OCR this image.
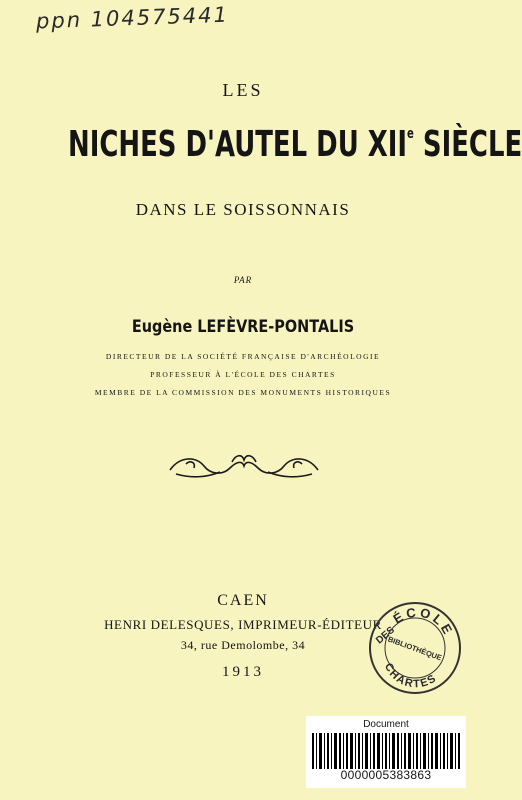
ppn 104575441
LES
NICHES D'AUTEL DU XIIe SIÈCLE
DANS LE SOISSONNAIS
PAR
Eugène LEFÈVRE-PONTALIS
DIRECTEUR DE LA SOCIÉTÉ FRANÇAISE D'ARCHÉOLOGIE
PROFESSEUR À L'ÉCOLE DES CHARTES
MEMBRE DE LA COMMISSION DES MONUMENTS HISTORIQUES
CAEN
HENRI DELESQUES, IMPRIMEUR-ÉDITEUR
34, rue Demolombe, 34
1913
ÉCOLE
DES
BIBLIOTHÈQUE
CHARTES
Document
0000005383863
